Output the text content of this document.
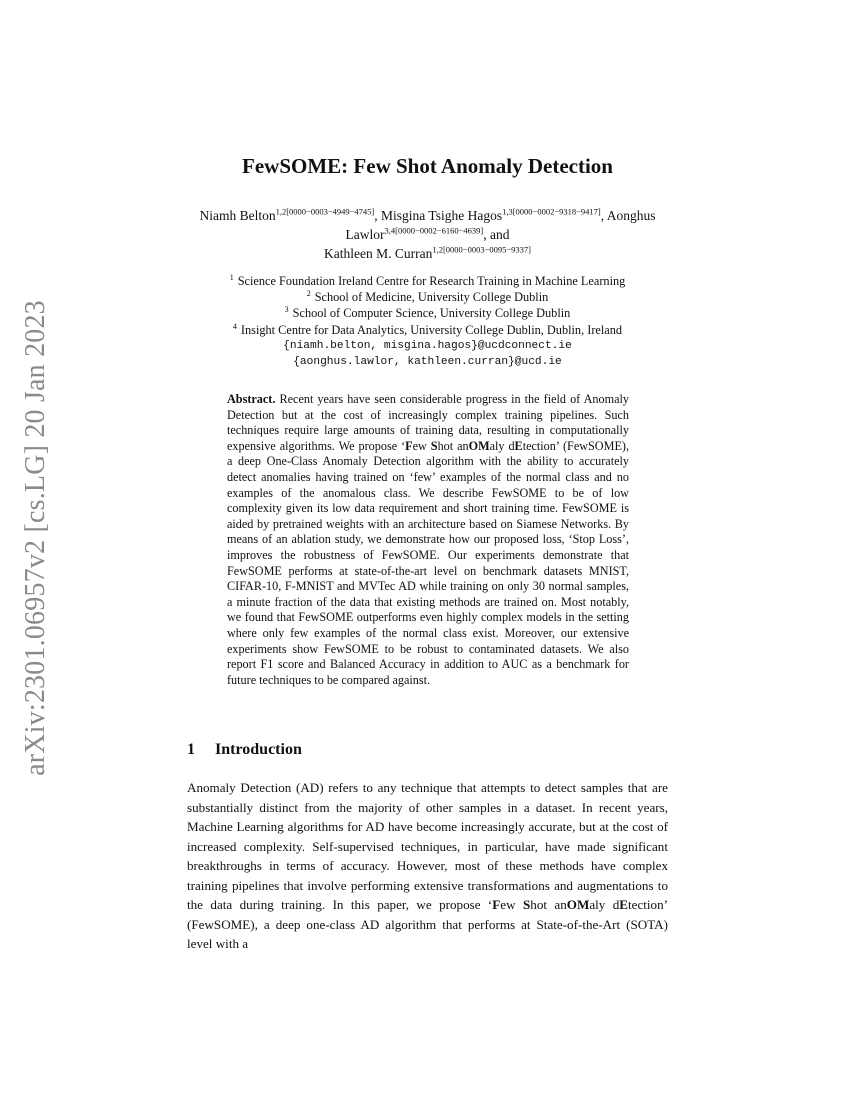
arXiv:2301.06957v2 [cs.LG] 20 Jan 2023
FewSOME: Few Shot Anomaly Detection
Niamh Belton$^{1,2[0000-0003-4949-4745]}$, Misgina Tsighe Hagos$^{1,3[0000-0002-9318-9417]}$, Aonghus Lawlor$^{3,4[0000-0002-6160-4639]}$, and
Kathleen M. Curran$^{1,2[0000-0003-0095-9337]}$
$^1$ Science Foundation Ireland Centre for Research Training in Machine Learning
$^2$ School of Medicine, University College Dublin
$^3$ School of Computer Science, University College Dublin
$^4$ Insight Centre for Data Analytics, University College Dublin, Dublin, Ireland
{niamh.belton, misgina.hagos}@ucdconnect.ie
{aonghus.lawlor, kathleen.curran}@ucd.ie
Abstract. Recent years have seen considerable progress in the field of Anomaly Detection but at the cost of increasingly complex training pipelines. Such techniques require large amounts of training data, resulting in computationally expensive algorithms. We propose ‘Few Shot anOMaly dEtection’ (FewSOME), a deep One-Class Anomaly Detection algorithm with the ability to accurately detect anomalies having trained on ‘few’ examples of the normal class and no examples of the anomalous class. We describe FewSOME to be of low complexity given its low data requirement and short training time. FewSOME is aided by pretrained weights with an architecture based on Siamese Networks. By means of an ablation study, we demonstrate how our proposed loss, ‘Stop Loss’, improves the robustness of FewSOME. Our experiments demonstrate that FewSOME performs at state-of-the-art level on benchmark datasets MNIST, CIFAR-10, F-MNIST and MVTec AD while training on only 30 normal samples, a minute fraction of the data that existing methods are trained on. Most notably, we found that FewSOME outperforms even highly complex models in the setting where only few examples of the normal class exist. Moreover, our extensive experiments show FewSOME to be robust to contaminated datasets. We also report F1 score and Balanced Accuracy in addition to AUC as a benchmark for future techniques to be compared against.
1 Introduction
Anomaly Detection (AD) refers to any technique that attempts to detect samples that are substantially distinct from the majority of other samples in a dataset. In recent years, Machine Learning algorithms for AD have become increasingly accurate, but at the cost of increased complexity. Self-supervised techniques, in particular, have made significant breakthroughs in terms of accuracy. However, most of these methods have complex training pipelines that involve performing extensive transformations and augmentations to the data during training. In this paper, we propose ‘Few Shot anOMaly dEtection’ (FewSOME), a deep one-class AD algorithm that performs at State-of-the-Art (SOTA) level with a
